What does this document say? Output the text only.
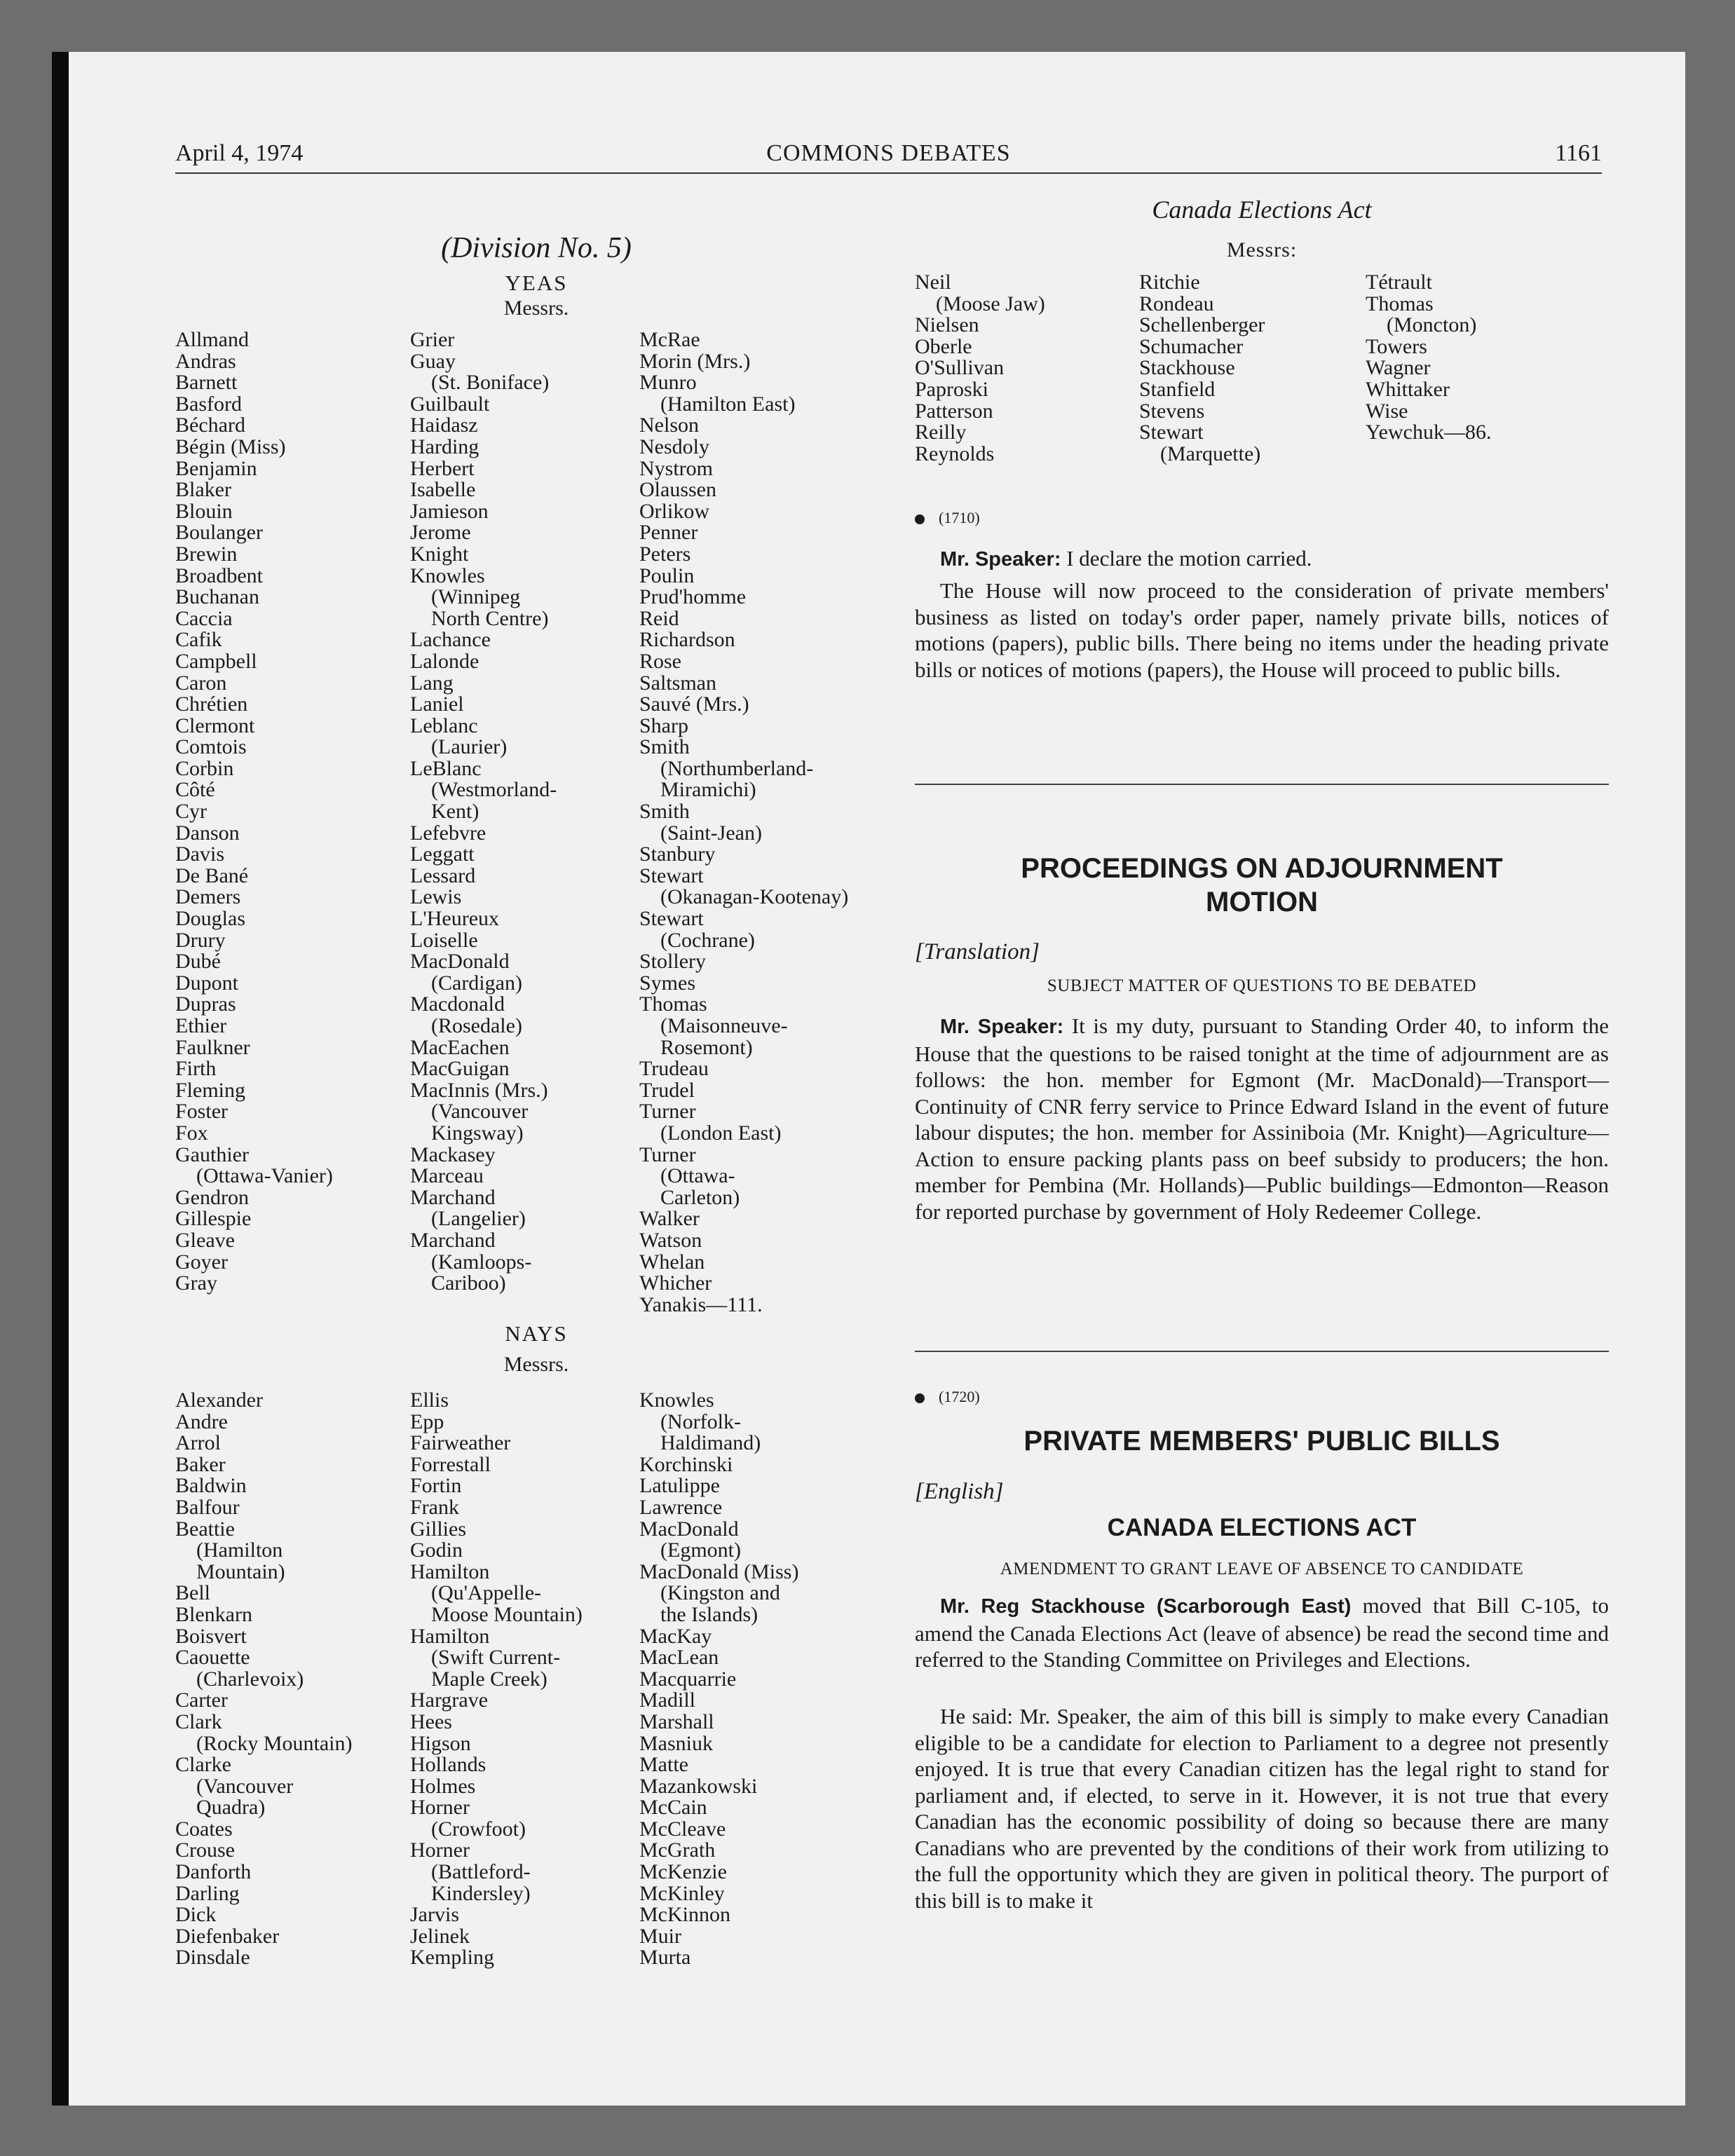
April 4, 1974	COMMONS DEBATES	1161
(Division No. 5)
YEAS
Messrs.
Allmand
Andras
Barnett
Basford
Béchard
Bégin (Miss)
Benjamin
Blaker
Blouin
Boulanger
Brewin
Broadbent
Buchanan
Caccia
Cafik
Campbell
Caron
Chrétien
Clermont
Comtois
Corbin
Côté
Cyr
Danson
Davis
De Bané
Demers
Douglas
Drury
Dubé
Dupont
Dupras
Ethier
Faulkner
Firth
Fleming
Foster
Fox
Gauthier
(Ottawa-Vanier)
Gendron
Gillespie
Gleave
Goyer
Gray
Grier
Guay
(St. Boniface)
Guilbault
Haidasz
Harding
Herbert
Isabelle
Jamieson
Jerome
Knight
Knowles
(Winnipeg
North Centre)
Lachance
Lalonde
Lang
Laniel
Leblanc
(Laurier)
LeBlanc
(Westmorland-
Kent)
Lefebvre
Leggatt
Lessard
Lewis
L'Heureux
Loiselle
MacDonald
(Cardigan)
Macdonald
(Rosedale)
MacEachen
MacGuigan
MacInnis (Mrs.)
(Vancouver
Kingsway)
Mackasey
Marceau
Marchand
(Langelier)
Marchand
(Kamloops-
Cariboo)
McRae
Morin (Mrs.)
Munro
(Hamilton East)
Nelson
Nesdoly
Nystrom
Olaussen
Orlikow
Penner
Peters
Poulin
Prud'homme
Reid
Richardson
Rose
Saltsman
Sauvé (Mrs.)
Sharp
Smith
(Northumberland-
Miramichi)
Smith
(Saint-Jean)
Stanbury
Stewart
(Okanagan-Kootenay)
Stewart
(Cochrane)
Stollery
Symes
Thomas
(Maisonneuve-
Rosemont)
Trudeau
Trudel
Turner
(London East)
Turner
(Ottawa-
Carleton)
Walker
Watson
Whelan
Whicher
Yanakis—111.
NAYS
Messrs.
Alexander
Andre
Arrol
Baker
Baldwin
Balfour
Beattie
(Hamilton
Mountain)
Bell
Blenkarn
Boisvert
Caouette
(Charlevoix)
Carter
Clark
(Rocky Mountain)
Clarke
(Vancouver
Quadra)
Coates
Crouse
Danforth
Darling
Dick
Diefenbaker
Dinsdale
Ellis
Epp
Fairweather
Forrestall
Fortin
Frank
Gillies
Godin
Hamilton
(Qu'Appelle-
Moose Mountain)
Hamilton
(Swift Current-
Maple Creek)
Hargrave
Hees
Higson
Hollands
Holmes
Horner
(Crowfoot)
Horner
(Battleford-
Kindersley)
Jarvis
Jelinek
Kempling
Knowles
(Norfolk-
Haldimand)
Korchinski
Latulippe
Lawrence
MacDonald
(Egmont)
MacDonald (Miss)
(Kingston and
the Islands)
MacKay
MacLean
Macquarrie
Madill
Marshall
Masniuk
Matte
Mazankowski
McCain
McCleave
McGrath
McKenzie
McKinley
McKinnon
Muir
Murta
Canada Elections Act
Messrs:
Neil
(Moose Jaw)
Nielsen
Oberle
O'Sullivan
Paproski
Patterson
Reilly
Reynolds
Ritchie
Rondeau
Schellenberger
Schumacher
Stackhouse
Stanfield
Stevens
Stewart
(Marquette)
Tétrault
Thomas
(Moncton)
Towers
Wagner
Whittaker
Wise
Yewchuk—86.
(1710)

Mr. Speaker: I declare the motion carried.

The House will now proceed to the consideration of private members' business as listed on today's order paper, namely private bills, notices of motions (papers), public bills. There being no items under the heading private bills or notices of motions (papers), the House will proceed to public bills.

PROCEEDINGS ON ADJOURNMENT
MOTION
[Translation]
SUBJECT MATTER OF QUESTIONS TO BE DEBATED

Mr. Speaker: It is my duty, pursuant to Standing Order 40, to inform the House that the questions to be raised tonight at the time of adjournment are as follows: the hon. member for Egmont (Mr. MacDonald)—Transport—Continuity of CNR ferry service to Prince Edward Island in the event of future labour disputes; the hon. member for Assiniboia (Mr. Knight)—Agriculture—Action to ensure packing plants pass on beef subsidy to producers; the hon. member for Pembina (Mr. Hollands)—Public buildings—Edmonton—Reason for reported purchase by government of Holy Redeemer College.

(1720)
PRIVATE MEMBERS' PUBLIC BILLS
[English]
CANADA ELECTIONS ACT
AMENDMENT TO GRANT LEAVE OF ABSENCE TO CANDIDATE

Mr. Reg Stackhouse (Scarborough East) moved that Bill C-105, to amend the Canada Elections Act (leave of absence) be read the second time and referred to the Standing Committee on Privileges and Elections.

He said: Mr. Speaker, the aim of this bill is simply to make every Canadian eligible to be a candidate for election to Parliament to a degree not presently enjoyed. It is true that every Canadian citizen has the legal right to stand for parliament and, if elected, to serve in it. However, it is not true that every Canadian has the economic possibility of doing so because there are many Canadians who are prevented by the conditions of their work from utilizing to the full the opportunity which they are given in political theory. The purport of this bill is to make it
